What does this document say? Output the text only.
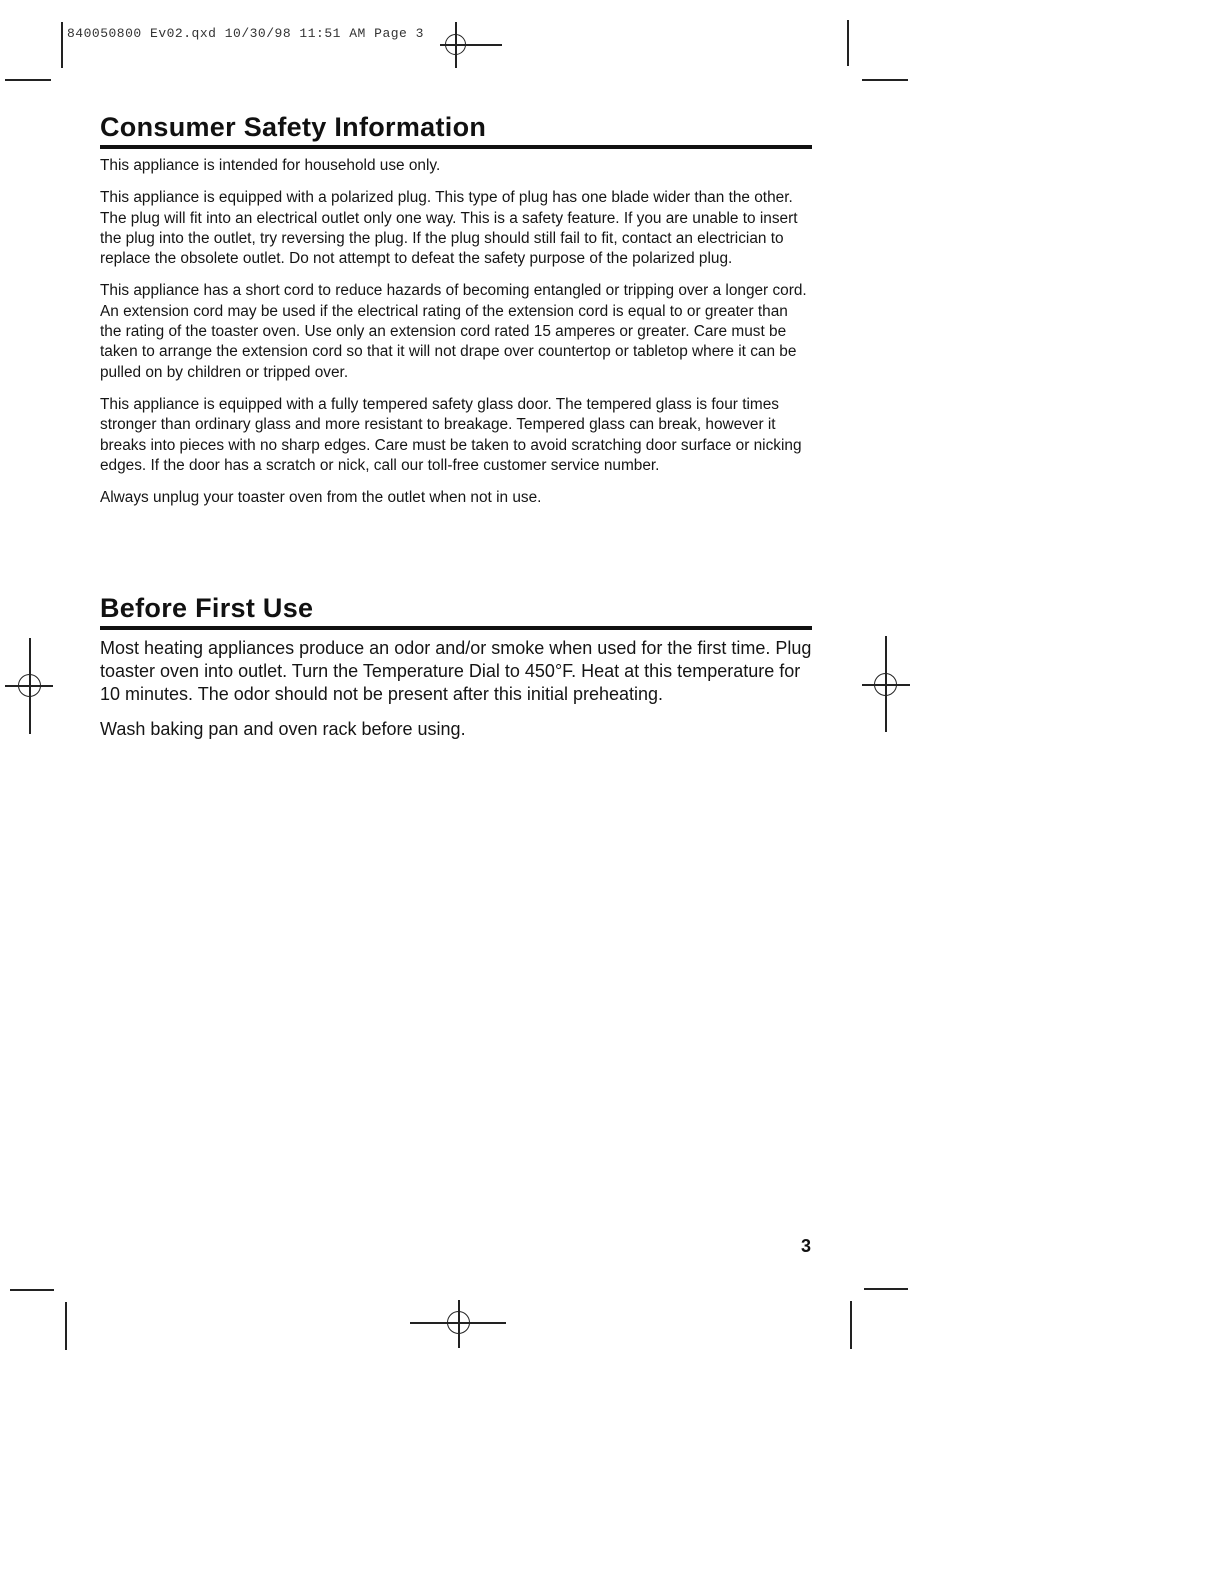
840050800 Ev02.qxd 10/30/98 11:51 AM Page 3
Consumer Safety Information

This appliance is intended for household use only.

This appliance is equipped with a polarized plug. This type of plug has one blade wider than the other. The plug will fit into an electrical outlet only one way. This is a safety feature. If you are unable to insert the plug into the outlet, try reversing the plug. If the plug should still fail to fit, contact an electrician to replace the obsolete outlet. Do not attempt to defeat the safety purpose of the polarized plug.

This appliance has a short cord to reduce hazards of becoming entangled or tripping over a longer cord. An extension cord may be used if the electrical rating of the extension cord is equal to or greater than the rating of the toaster oven. Use only an extension cord rated 15 amperes or greater. Care must be taken to arrange the extension cord so that it will not drape over countertop or tabletop where it can be pulled on by children or tripped over.

This appliance is equipped with a fully tempered safety glass door. The tempered glass is four times stronger than ordinary glass and more resistant to breakage. Tempered glass can break, however it breaks into pieces with no sharp edges. Care must be taken to avoid scratching door surface or nicking edges. If the door has a scratch or nick, call our toll-free customer service number.

Always unplug your toaster oven from the outlet when not in use.

Before First Use

Most heating appliances produce an odor and/or smoke when used for the first time. Plug toaster oven into outlet. Turn the Temperature Dial to 450°F. Heat at this temperature for 10 minutes. The odor should not be present after this initial preheating.

Wash baking pan and oven rack before using.

3
